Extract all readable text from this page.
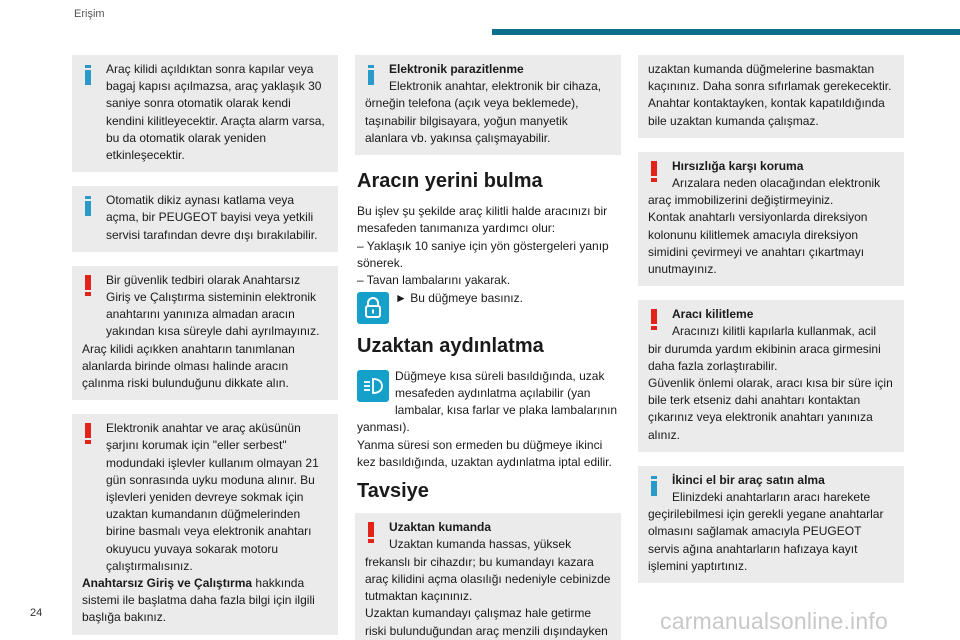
Erişim

Araç kilidi açıldıktan sonra kapılar veya

bagaj kapısı açılmazsa, araç yaklaşık 30 saniye sonra otomatik olarak kendi kendini kilitleyecektir. Araçta alarm varsa, bu da otomatik olarak yeniden etkinleşecektir.

Otomatik dikiz aynası katlama veya

açma, bir PEUGEOT bayisi veya yetkili servisi tarafından devre dışı bırakılabilir.

Bir güvenlik tedbiri olarak Anahtarsız

Giriş ve Çalıştırma sisteminin elektronik anahtarını yanınıza almadan aracın yakından kısa süreyle dahi ayrılmayınız.

Araç kilidi açıkken anahtarın tanımlanan alanlarda birinde olması halinde aracın çalınma riski bulunduğunu dikkate alın.

Elektronik anahtar ve araç aküsünün

şarjını korumak için "eller serbest" modundaki işlevler kullanım olmayan 21 gün sonrasında uyku moduna alınır. Bu işlevleri yeniden devreye sokmak için uzaktan kumandanın düğmelerinden birine basmalı veya elektronik anahtarı okuyucu yuvaya sokarak motoru çalıştırmalısınız.

Anahtarsız Giriş ve Çalıştırma hakkında sistemi ile başlatma daha fazla bilgi için ilgili başlığa bakınız.

Elektronik parazitlenme

Elektronik anahtar, elektronik bir cihaza,

örneğin telefona (açık veya beklemede), taşınabilir bilgisayara, yoğun manyetik alanlara vb. yakınsa çalışmayabilir.

Aracın yerini bulma

Bu işlev şu şekilde araç kilitli halde aracınızı bir mesafeden tanımanıza yardımcı olur:

– Yaklaşık 10 saniye için yön göstergeleri yanıp sönerek.

– Tavan lambalarını yakarak.

► Bu düğmeye basınız.

Uzaktan aydınlatma

Düğmeye kısa süreli basıldığında, uzak

mesafeden aydınlatma açılabilir (yan

lambalar, kısa farlar ve plaka lambalarının yanması).

Yanma süresi son ermeden bu düğmeye ikinci kez basıldığında, uzaktan aydınlatma iptal edilir.

Tavsiye

Uzaktan kumanda

Uzaktan kumanda hassas, yüksek

frekanslı bir cihazdır; bu kumandayı kazara araç kilidini açma olasılığı nedeniyle cebinizde tutmaktan kaçınınız.

Uzaktan kumandayı çalışmaz hale getirme riski bulunduğundan araç menzili dışındayken

uzaktan kumanda düğmelerine basmaktan kaçınınız. Daha sonra sıfırlamak gerekecektir. Anahtar kontaktayken, kontak kapatıldığında bile uzaktan kumanda çalışmaz.

Hırsızlığa karşı koruma

Arızalara neden olacağından elektronik

araç immobilizerini değiştirmeyiniz.

Kontak anahtarlı versiyonlarda direksiyon kolonunu kilitlemek amacıyla direksiyon simidini çevirmeyi ve anahtarı çıkartmayı unutmayınız.

Aracı kilitleme

Aracınızı kilitli kapılarla kullanmak, acil

bir durumda yardım ekibinin araca girmesini daha fazla zorlaştırabilir.

Güvenlik önlemi olarak, aracı kısa bir süre için bile terk etseniz dahi anahtarı kontaktan çıkarınız veya elektronik anahtarı yanınıza alınız.

İkinci el bir araç satın alma

Elinizdeki anahtarların aracı harekete

geçirilebilmesi için gerekli yegane anahtarlar olmasını sağlamak amacıyla PEUGEOT servis ağına anahtarların hafızaya kayıt işlemini yaptırtınız.

24	carmanualsonline.info
